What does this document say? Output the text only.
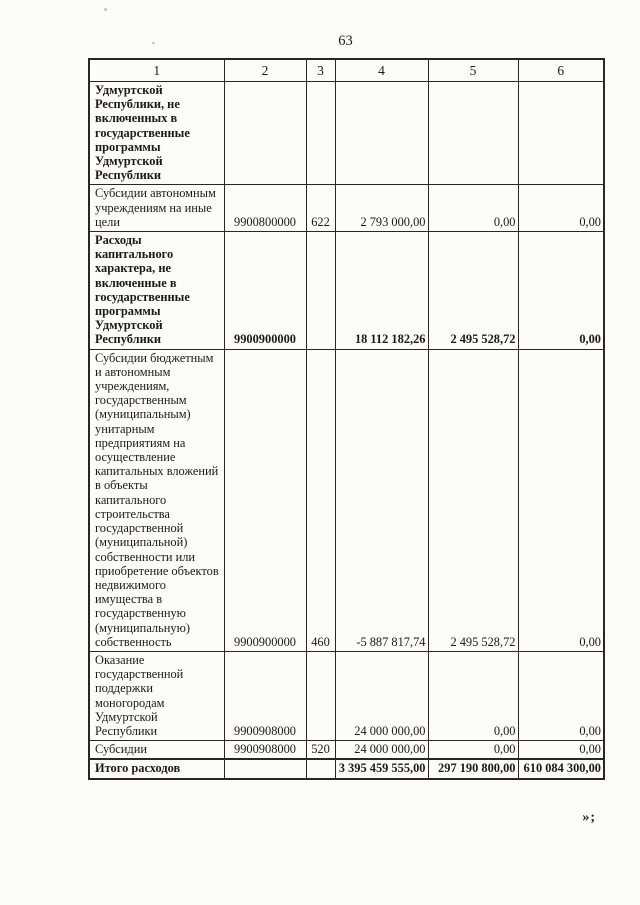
63
1	2	3	4	5	6
Удмуртской Республики, не включенных в государственные программы Удмуртской Республики					
Субсидии автономным учреждениям на иные цели	9900800000	622	2 793 000,00	0,00	0,00
Расходы капитального характера, не включенные в государственные программы Удмуртской Республики	9900900000		18 112 182,26	2 495 528,72	0,00
Субсидии бюджетным и автономным учреждениям, государственным (муниципальным) унитарным предприятиям на осуществление капитальных вложений в объекты капитального строительства государственной (муниципальной) собственности или приобретение объектов недвижимого имущества в государственную (муниципальную) собственность	9900900000	460	-5 887 817,74	2 495 528,72	0,00
Оказание государственной поддержки моногородам Удмуртской Республики	9900908000		24 000 000,00	0,00	0,00
Субсидии	9900908000	520	24 000 000,00	0,00	0,00
Итого расходов			3 395 459 555,00	297 190 800,00	610 084 300,00
»;
